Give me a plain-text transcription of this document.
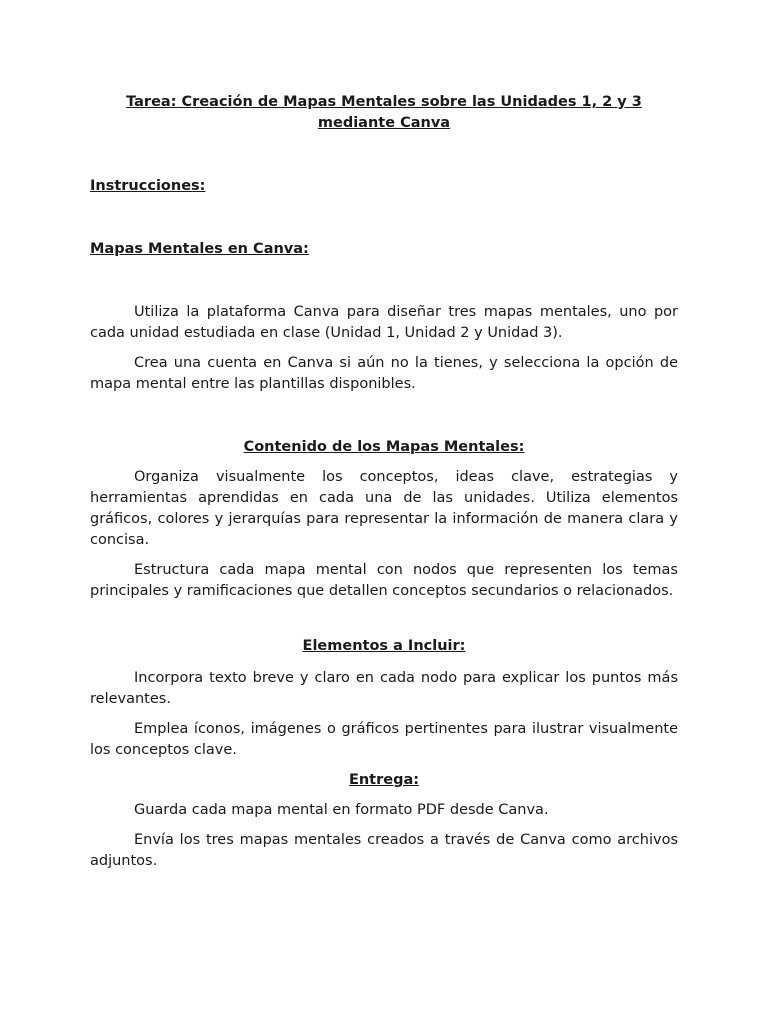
Tarea: Creación de Mapas Mentales sobre las Unidades 1, 2 y 3 mediante Canva
Instrucciones:
Mapas Mentales en Canva:

Utiliza la plataforma Canva para diseñar tres mapas mentales, uno por cada unidad estudiada en clase (Unidad 1, Unidad 2 y Unidad 3).

Crea una cuenta en Canva si aún no la tienes, y selecciona la opción de mapa mental entre las plantillas disponibles.

Contenido de los Mapas Mentales:

Organiza visualmente los conceptos, ideas clave, estrategias y herramientas aprendidas en cada una de las unidades. Utiliza elementos gráficos, colores y jerarquías para representar la información de manera clara y concisa.

Estructura cada mapa mental con nodos que representen los temas principales y ramificaciones que detallen conceptos secundarios o relacionados.

Elementos a Incluir:

Incorpora texto breve y claro en cada nodo para explicar los puntos más relevantes.

Emplea íconos, imágenes o gráficos pertinentes para ilustrar visualmente los conceptos clave.

Entrega:

Guarda cada mapa mental en formato PDF desde Canva.

Envía los tres mapas mentales creados a través de Canva como archivos adjuntos.
